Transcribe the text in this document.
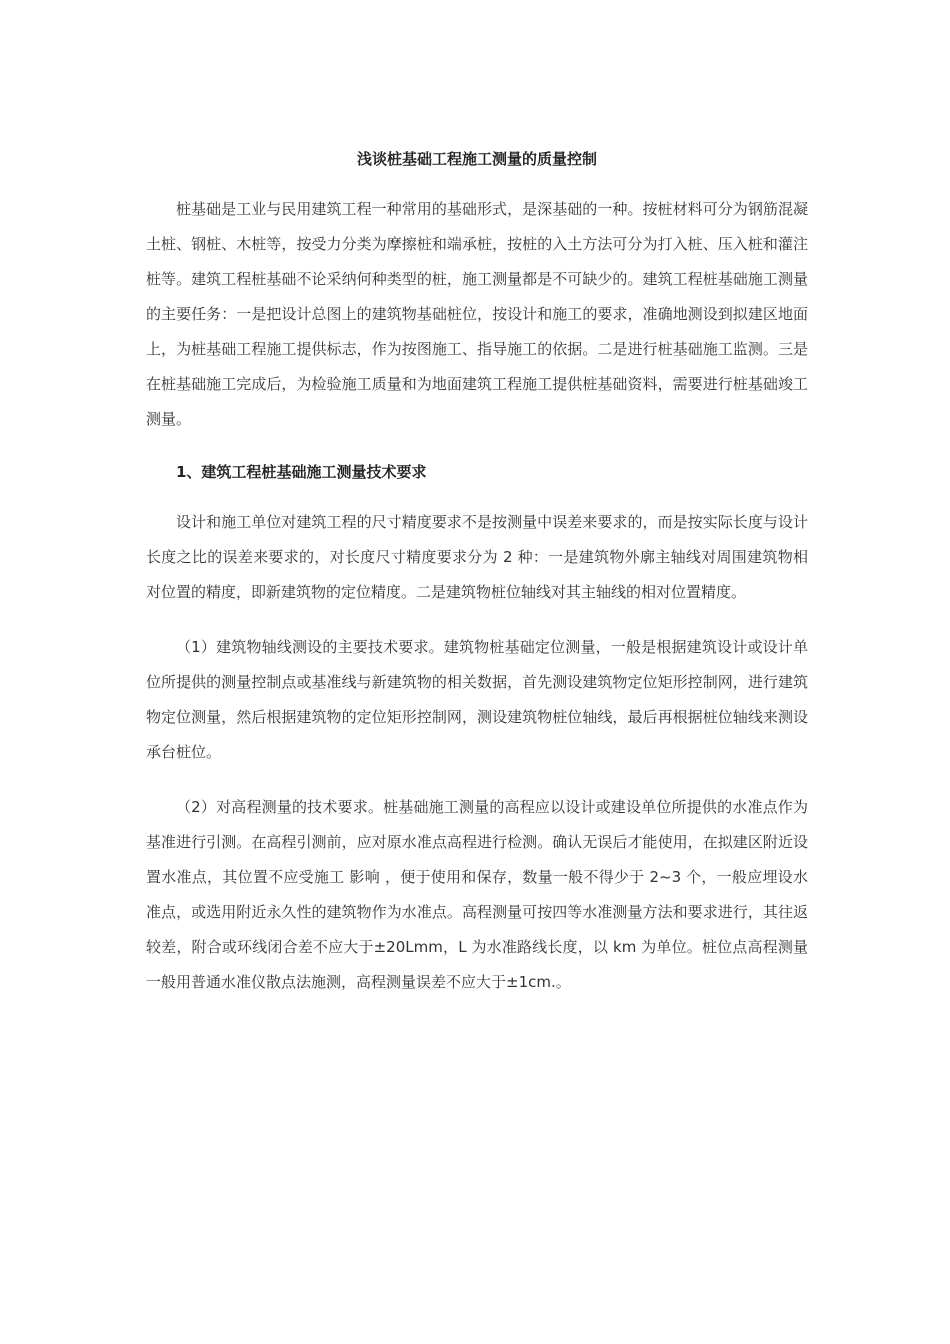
浅谈桩基础工程施工测量的质量控制

桩基础是工业与民用建筑工程一种常用的基础形式，是深基础的一种。按桩材料可分为钢筋混凝土桩、钢桩、木桩等，按受力分类为摩擦桩和端承桩，按桩的入土方法可分为打入桩、压入桩和灌注桩等。建筑工程桩基础不论采纳何种类型的桩，施工测量都是不可缺少的。建筑工程桩基础施工测量的主要任务：一是把设计总图上的建筑物基础桩位，按设计和施工的要求，准确地测设到拟建区地面上，为桩基础工程施工提供标志，作为按图施工、指导施工的依据。二是进行桩基础施工监测。三是在桩基础施工完成后，为检验施工质量和为地面建筑工程施工提供桩基础资料，需要进行桩基础竣工测量。

1、建筑工程桩基础施工测量技术要求

设计和施工单位对建筑工程的尺寸精度要求不是按测量中误差来要求的，而是按实际长度与设计长度之比的误差来要求的，对长度尺寸精度要求分为 2 种：一是建筑物外廓主轴线对周围建筑物相对位置的精度，即新建筑物的定位精度。二是建筑物桩位轴线对其主轴线的相对位置精度。

（1）建筑物轴线测设的主要技术要求。建筑物桩基础定位测量，一般是根据建筑设计或设计单位所提供的测量控制点或基准线与新建筑物的相关数据，首先测设建筑物定位矩形控制网，进行建筑物定位测量，然后根据建筑物的定位矩形控制网，测设建筑物桩位轴线，最后再根据桩位轴线来测设承台桩位。

（2）对高程测量的技术要求。桩基础施工测量的高程应以设计或建设单位所提供的水准点作为基准进行引测。在高程引测前，应对原水准点高程进行检测。确认无误后才能使用，在拟建区附近设置水准点，其位置不应受施工 影响 ，便于使用和保存，数量一般不得少于 2~3 个，一般应埋设水准点，或选用附近永久性的建筑物作为水准点。高程测量可按四等水准测量方法和要求进行，其往返较差，附合或环线闭合差不应大于±20Lmm，L 为水准路线长度，以 km 为单位。桩位点高程测量一般用普通水准仪散点法施测，高程测量误差不应大于±1cm.。
